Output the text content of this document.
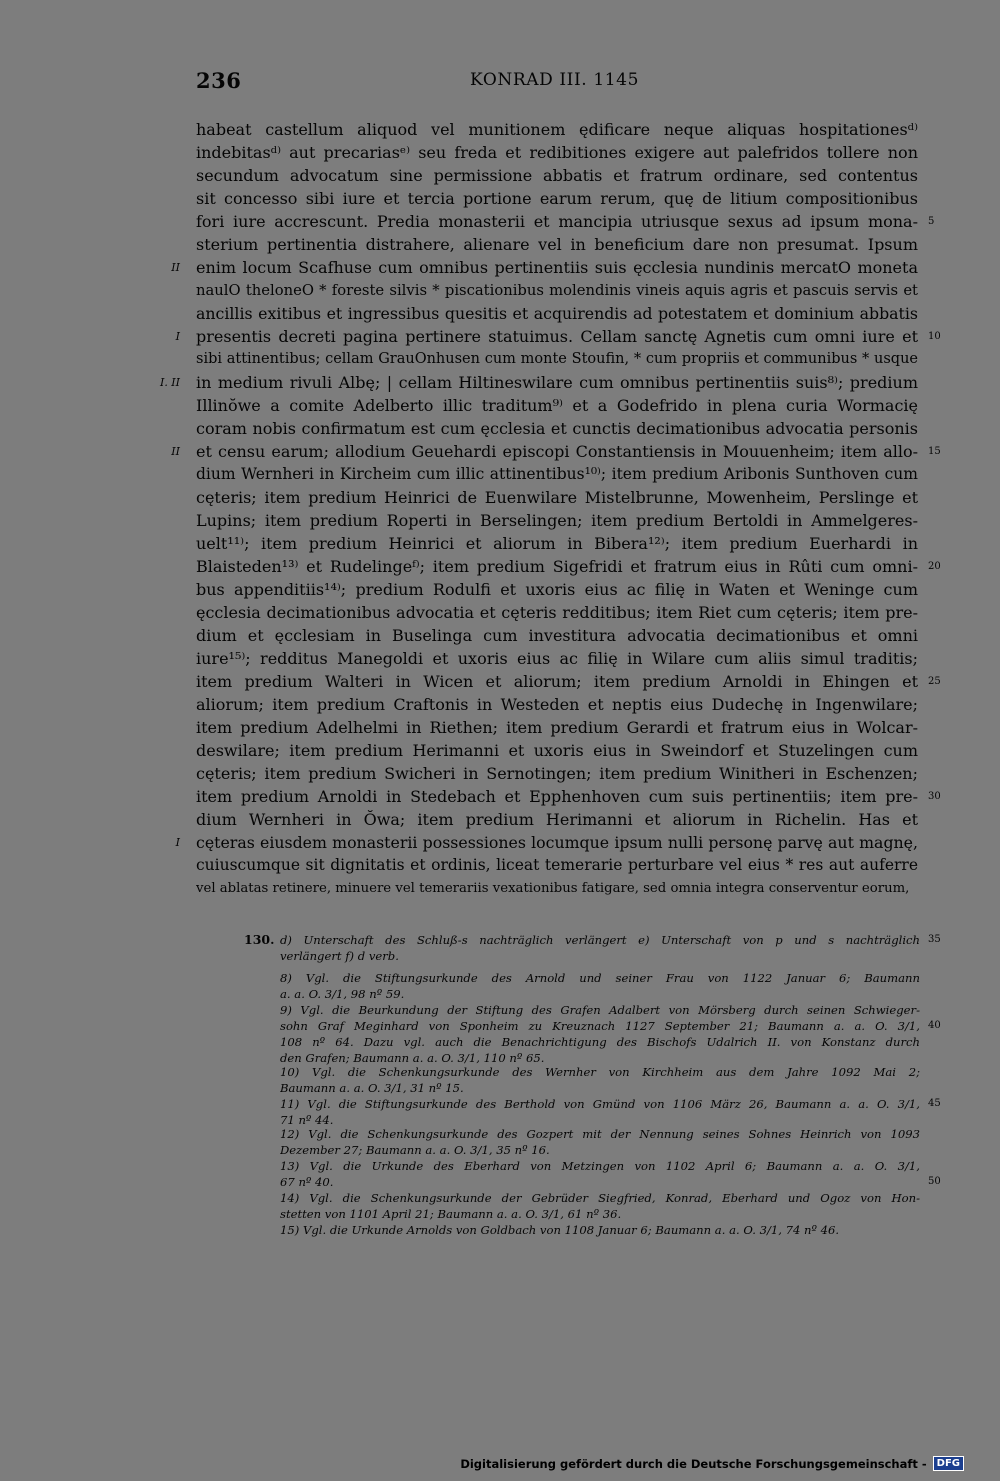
236	KONRAD III. 1145
habeat castellum aliquod vel munitionem ędificare neque aliquas hospitationesᵈ⁾
indebitasᵈ⁾ aut precariasᵉ⁾ seu freda et redibitiones exigere aut palefridos tollere non
secundum advocatum sine permissione abbatis et fratrum ordinare, sed contentus
sit concesso sibi iure et tercia portione earum rerum, quę de litium compositionibus
fori iure accrescunt. Predia monasterii et mancipia utriusque sexus ad ipsum mona-
sterium pertinentia distrahere, alienare vel in beneficium dare non presumat. Ipsum
enim locum Scafhuse cum omnibus pertinentiis suis ęcclesia nundinis mercatO moneta
naulO theloneO * foreste silvis * piscationibus molendinis vineis aquis agris et pascuis servis et
ancillis exitibus et ingressibus quesitis et acquirendis ad potestatem et dominium abbatis
presentis decreti pagina pertinere statuimus. Cellam sanctę Agnetis cum omni iure et
sibi attinentibus; cellam GrauOnhusen cum monte Stoufin, * cum propriis et communibus * usque
in medium rivuli Albę; | cellam Hiltineswilare cum omnibus pertinentiis suis⁸⁾; predium
Illinŏwe a comite Adelberto illic traditum⁹⁾ et a Godefrido in plena curia Wormacię
coram nobis confirmatum est cum ęcclesia et cunctis decimationibus advocatia personis
et censu earum; allodium Geuehardi episcopi Constantiensis in Mouuenheim; item allo-
dium Wernheri in Kircheim cum illic attinentibus¹⁰⁾; item predium Aribonis Sunthoven cum
cęteris; item predium Heinrici de Euenwilare Mistelbrunne, Mowenheim, Perslinge et
Lupins; item predium Roperti in Berselingen; item predium Bertoldi in Ammelgeres-
uelt¹¹⁾; item predium Heinrici et aliorum in Bibera¹²⁾; item predium Euerhardi in
Blaisteden¹³⁾ et Rudelingeᶠ⁾; item predium Sigefridi et fratrum eius in Rûti cum omni-
bus appenditiis¹⁴⁾; predium Rodulfi et uxoris eius ac filię in Waten et Weninge cum
ęcclesia decimationibus advocatia et cęteris redditibus; item Riet cum cęteris; item pre-
dium et ęcclesiam in Buselinga cum investitura advocatia decimationibus et omni
iure¹⁵⁾; redditus Manegoldi et uxoris eius ac filię in Wilare cum aliis simul traditis;
item predium Walteri in Wicen et aliorum; item predium Arnoldi in Ehingen et
aliorum; item predium Craftonis in Westeden et neptis eius Dudechę in Ingenwilare;
item predium Adelhelmi in Riethen; item predium Gerardi et fratrum eius in Wolcar-
deswilare; item predium Herimanni et uxoris eius in Sweindorf et Stuzelingen cum
cęteris; item predium Swicheri in Sernotingen; item predium Winitheri in Eschenzen;
item predium Arnoldi in Stedebach et Epphenhoven cum suis pertinentiis; item pre-
dium Wernheri in Ŏwa; item predium Herimanni et aliorum in Richelin. Has et
cęteras eiusdem monasterii possessiones locumque ipsum nulli personę parvę aut magnę,
cuiuscumque sit dignitatis et ordinis, liceat temerarie perturbare vel eius * res aut auferre
vel ablatas retinere, minuere vel temerariis vexationibus fatigare, sed omnia integra conserventur eorum,
5
10
15
20
25
30
II
I
I. II
II
I
130. d) Unterschaft des Schluß-s nachträglich verlängert e) Unterschaft von p und s nachträglich
verlängert f) d verb.
8) Vgl. die Stiftungsurkunde des Arnold und seiner Frau von 1122 Januar 6; Baumann
a. a. O. 3/1, 98 nº 59.
9) Vgl. die Beurkundung der Stiftung des Grafen Adalbert von Mörsberg durch seinen Schwieger-
sohn Graf Meginhard von Sponheim zu Kreuznach 1127 September 21; Baumann a. a. O. 3/1,
108 nº 64. Dazu vgl. auch die Benachrichtigung des Bischofs Udalrich II. von Konstanz durch
den Grafen; Baumann a. a. O. 3/1, 110 nº 65.
10) Vgl. die Schenkungsurkunde des Wernher von Kirchheim aus dem Jahre 1092 Mai 2;
Baumann a. a. O. 3/1, 31 nº 15.
11) Vgl. die Stiftungsurkunde des Berthold von Gmünd von 1106 März 26, Baumann a. a. O. 3/1,
71 nº 44.
12) Vgl. die Schenkungsurkunde des Gozpert mit der Nennung seines Sohnes Heinrich von 1093
Dezember 27; Baumann a. a. O. 3/1, 35 nº 16.
13) Vgl. die Urkunde des Eberhard von Metzingen von 1102 April 6; Baumann a. a. O. 3/1,
67 nº 40.
14) Vgl. die Schenkungsurkunde der Gebrüder Siegfried, Konrad, Eberhard und Ogoz von Hon-
stetten von 1101 April 21; Baumann a. a. O. 3/1, 61 nº 36.
15) Vgl. die Urkunde Arnolds von Goldbach von 1108 Januar 6; Baumann a. a. O. 3/1, 74 nº 46.
35
40
45
50
Digitalisierung gefördert durch die Deutsche Forschungsgemeinschaft -	DFG
